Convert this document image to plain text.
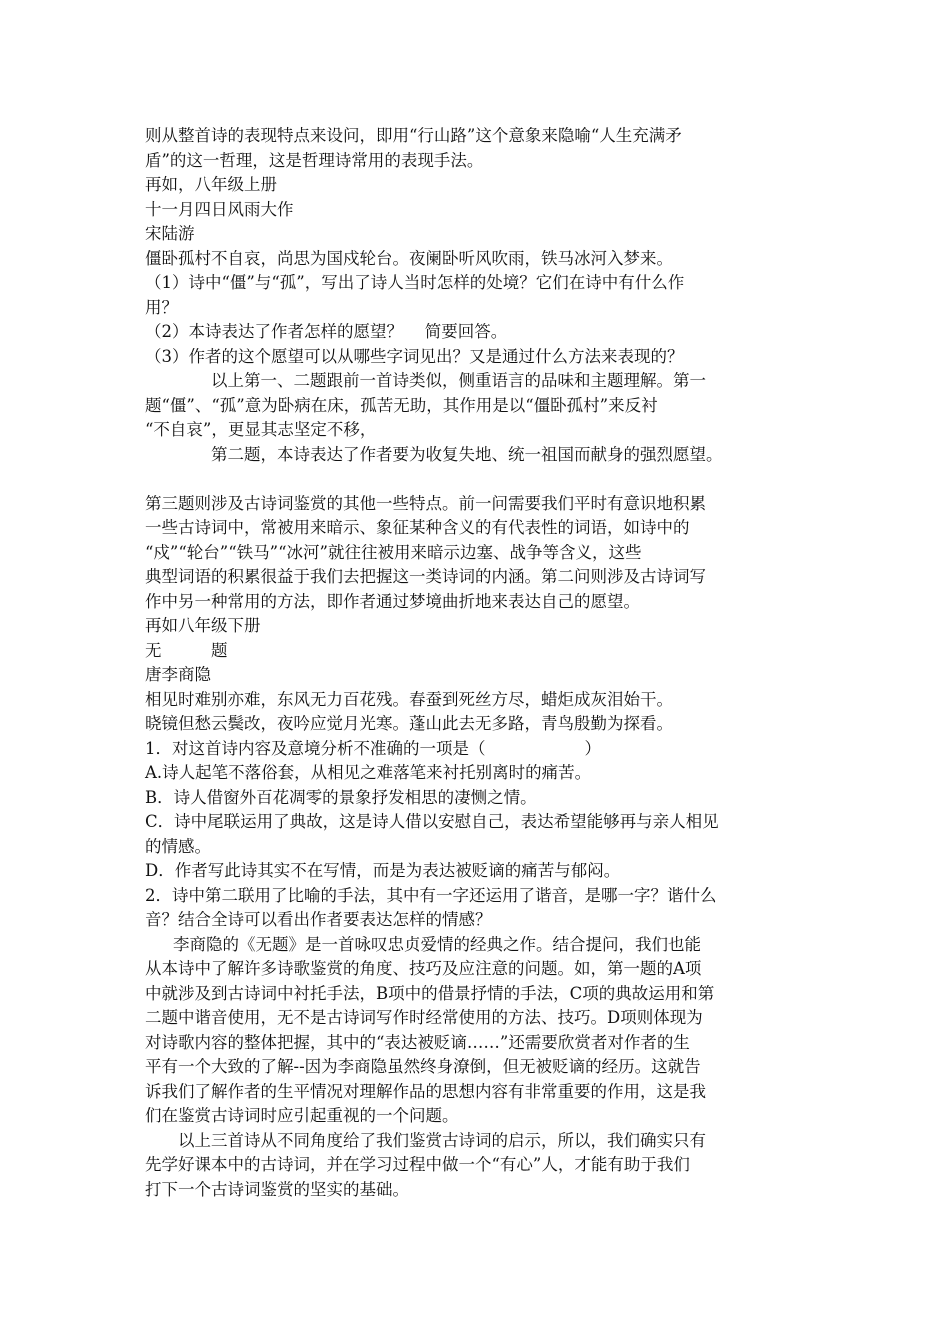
则从整首诗的表现特点来设问，即用“行山路”这个意象来隐喻“人生充满矛

盾”的这一哲理，这是哲理诗常用的表现手法。

再如，八年级上册

十一月四日风雨大作

宋陆游

僵卧孤村不自哀，尚思为国戍轮台。夜阑卧听风吹雨，铁马冰河入梦来。

（1）诗中“僵”与“孤”，写出了诗人当时怎样的处境？它们在诗中有什么作

用？

（2）本诗表达了作者怎样的愿望？　 简要回答。

（3）作者的这个愿望可以从哪些字词见出？又是通过什么方法来表现的？

以上第一、二题跟前一首诗类似，侧重语言的品味和主题理解。第一

题“僵”、“孤”意为卧病在床，孤苦无助，其作用是以“僵卧孤村”来反衬

“不自哀”，更显其志坚定不移，

第二题，本诗表达了作者要为收复失地、统一祖国而献身的强烈愿望。

第三题则涉及古诗词鉴赏的其他一些特点。前一问需要我们平时有意识地积累

一些古诗词中，常被用来暗示、象征某种含义的有代表性的词语，如诗中的

“戍”“轮台”“铁马”“冰河”就往往被用来暗示边塞、战争等含义，这些

典型词语的积累很益于我们去把握这一类诗词的内涵。第二问则涉及古诗词写

作中另一种常用的方法，即作者通过梦境曲折地来表达自己的愿望。

再如八年级下册

无　　　题

唐李商隐

相见时难别亦难，东风无力百花残。春蚕到死丝方尽，蜡炬成灰泪始干。

晓镜但愁云鬓改，夜吟应觉月光寒。蓬山此去无多路，青鸟殷勤为探看。

1．对这首诗内容及意境分析不准确的一项是（　　　　　　）

A.诗人起笔不落俗套，从相见之难落笔来衬托别离时的痛苦。

B．诗人借窗外百花凋零的景象抒发相思的凄恻之情。

C．诗中尾联运用了典故，这是诗人借以安慰自己，表达希望能够再与亲人相见

的情感。

D．作者写此诗其实不在写情，而是为表达被贬谪的痛苦与郁闷。

2．诗中第二联用了比喻的手法，其中有一字还运用了谐音，是哪一字？谐什么

音？结合全诗可以看出作者要表达怎样的情感？

李商隐的《无题》是一首咏叹忠贞爱情的经典之作。结合提问，我们也能

从本诗中了解许多诗歌鉴赏的角度、技巧及应注意的问题。如，第一题的A项

中就涉及到古诗词中衬托手法，B项中的借景抒情的手法，C项的典故运用和第

二题中谐音使用，无不是古诗词写作时经常使用的方法、技巧。D项则体现为

对诗歌内容的整体把握，其中的“表达被贬谪……”还需要欣赏者对作者的生

平有一个大致的了解--因为李商隐虽然终身潦倒，但无被贬谪的经历。这就告

诉我们了解作者的生平情况对理解作品的思想内容有非常重要的作用，这是我

们在鉴赏古诗词时应引起重视的一个问题。

以上三首诗从不同角度给了我们鉴赏古诗词的启示，所以，我们确实只有

先学好课本中的古诗词，并在学习过程中做一个“有心”人，才能有助于我们

打下一个古诗词鉴赏的坚实的基础。
